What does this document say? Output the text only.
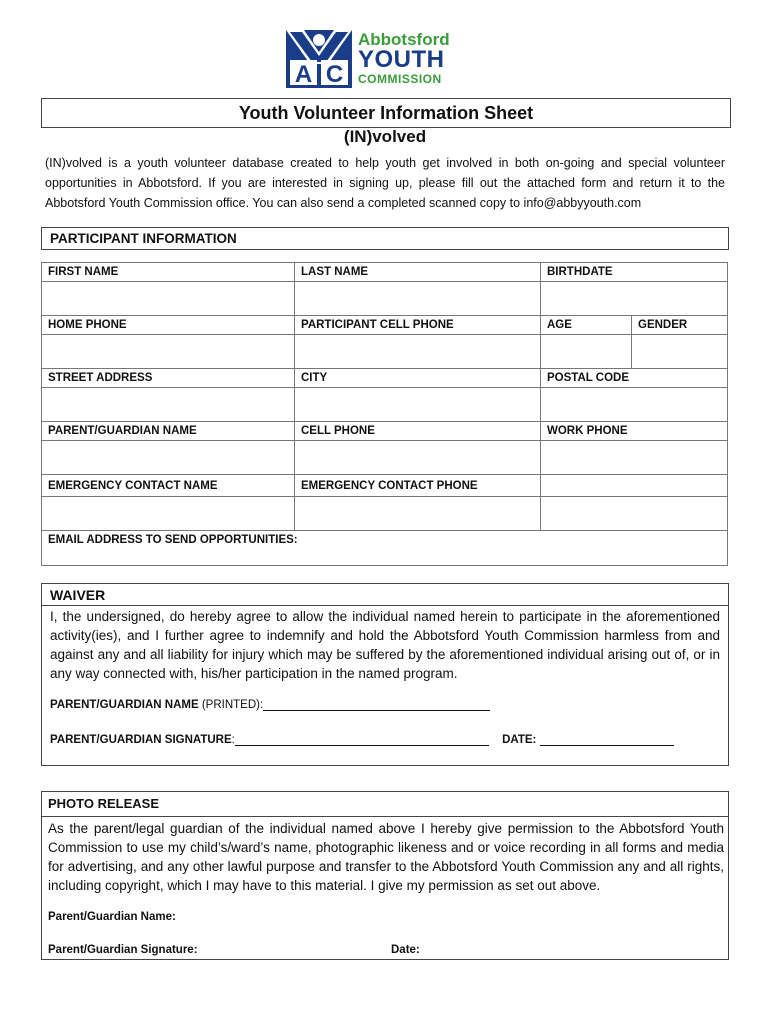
A C
Abbotsford
YOUTH
COMMISSION
Youth Volunteer Information Sheet
(IN)volved
(IN)volved is a youth volunteer database created to help youth get involved in both on-going and special volunteer opportunities in Abbotsford. If you are interested in signing up, please fill out the attached form and return it to the Abbotsford Youth Commission office. You can also send a completed scanned copy to info@abbyyouth.com
PARTICIPANT INFORMATION
FIRST NAME	LAST NAME	BIRTHDATE	

HOME PHONE	PARTICIPANT CELL PHONE	AGE	GENDER

STREET ADDRESS	CITY	POSTAL CODE	

PARENT/GUARDIAN NAME	CELL PHONE	WORK PHONE	

EMERGENCY CONTACT NAME	EMERGENCY CONTACT PHONE		

EMAIL ADDRESS TO SEND OPPORTUNITIES:			
WAIVER
I, the undersigned, do hereby agree to allow the individual named herein to participate in the aforementioned activity(ies), and I further agree to indemnify and hold the Abbotsford Youth Commission harmless from and against any and all liability for injury which may be suffered by the aforementioned individual arising out of, or in any way connected with, his/her participation in the named program.
PARENT/GUARDIAN NAME (PRINTED):
PARENT/GUARDIAN SIGNATURE:	DATE:
PHOTO RELEASE
As the parent/legal guardian of the individual named above I hereby give permission to the Abbotsford Youth Commission to use my child’s/ward’s name, photographic likeness and or voice recording in all forms and media for advertising, and any other lawful purpose and transfer to the Abbotsford Youth Commission any and all rights, including copyright, which I may have to this material. I give my permission as set out above.
Parent/Guardian Name:
Parent/Guardian Signature:	Date:
